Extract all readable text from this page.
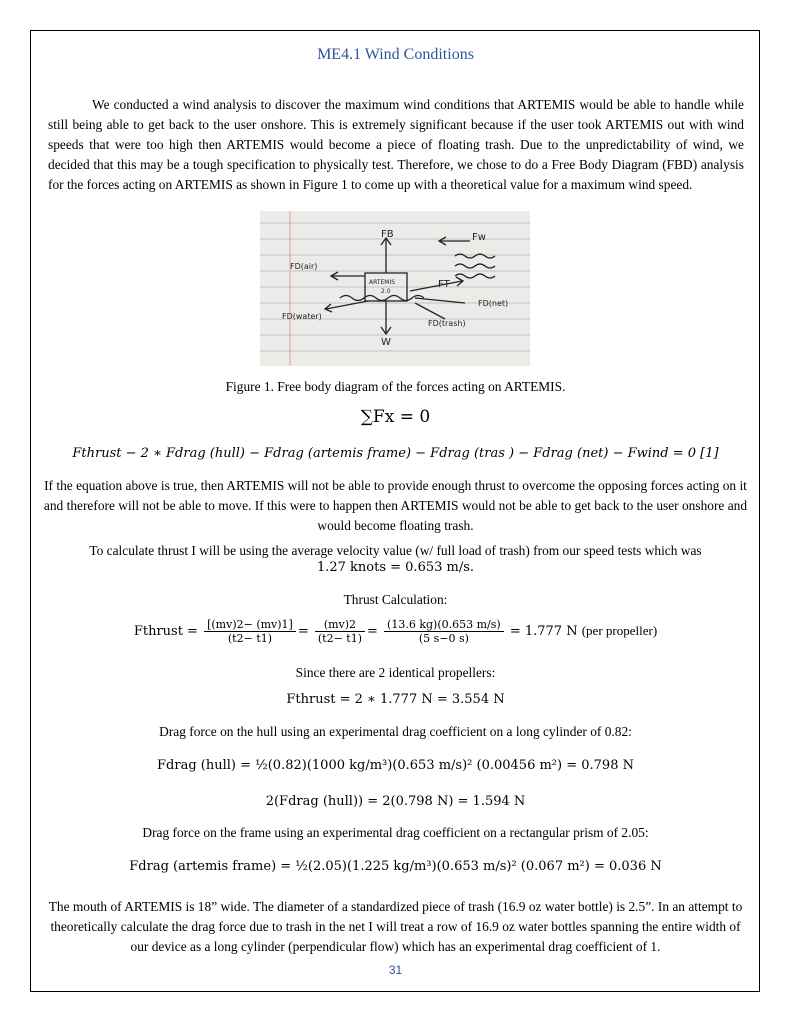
ME4.1 Wind Conditions
We conducted a wind analysis to discover the maximum wind conditions that ARTEMIS would be able to handle while still being able to get back to the user onshore. This is extremely significant because if the user took ARTEMIS out with wind speeds that were too high then ARTEMIS would become a piece of floating trash. Due to the unpredictability of wind, we decided that this may be a tough specification to physically test. Therefore, we chose to do a Free Body Diagram (FBD) analysis for the forces acting on ARTEMIS as shown in Figure 1 to come up with a theoretical value for a maximum wind speed.
FB	Fw
FD(air)
FD(water)
FD(net)
FD(trash)
FT
W
ARTEMIS
2.0
Figure 1. Free body diagram of the forces acting on ARTEMIS.
∑Fx = 0
Fthrust − 2 ∗ Fdrag (hull) − Fdrag (artemis frame) − Fdrag (tras ) − Fdrag (net) − Fwind = 0 [1]
If the equation above is true, then ARTEMIS will not be able to provide enough thrust to overcome the opposing forces acting on it and therefore will not be able to move. If this were to happen then ARTEMIS would not be able to get back to the user onshore and would become floating trash.
To calculate thrust I will be using the average velocity value (w/ full load of trash) from our speed tests which was
1.27 knots = 0.653 m/s.
Thrust Calculation:
Fthrust = $\frac{[(mv)2- (mv)1]}{(t2- t1)} = \frac{(mv)2}{(t2- t1)} = \frac{(13.6 kg)(0.653 m/s)}{(5 s-0 s)} = 1.777$ N (per propeller)
Since there are 2 identical propellers:
Fthrust = 2 ∗ 1.777 N = 3.554 N
Drag force on the hull using an experimental drag coefficient on a long cylinder of 0.82:
Fdrag (hull) = ½(0.82)(1000 kg/m³)(0.653 m/s)² (0.00456 m²) = 0.798 N
2(Fdrag (hull)) = 2(0.798 N) = 1.594 N
Drag force on the frame using an experimental drag coefficient on a rectangular prism of 2.05:
Fdrag (artemis frame) = ½(2.05)(1.225 kg/m³)(0.653 m/s)² (0.067 m²) = 0.036 N
The mouth of ARTEMIS is 18” wide. The diameter of a standardized piece of trash (16.9 oz water bottle) is 2.5”. In an attempt to theoretically calculate the drag force due to trash in the net I will treat a row of 16.9 oz water bottles spanning the entire width of our device as a long cylinder (perpendicular flow) which has an experimental drag coefficient of 1.
31
